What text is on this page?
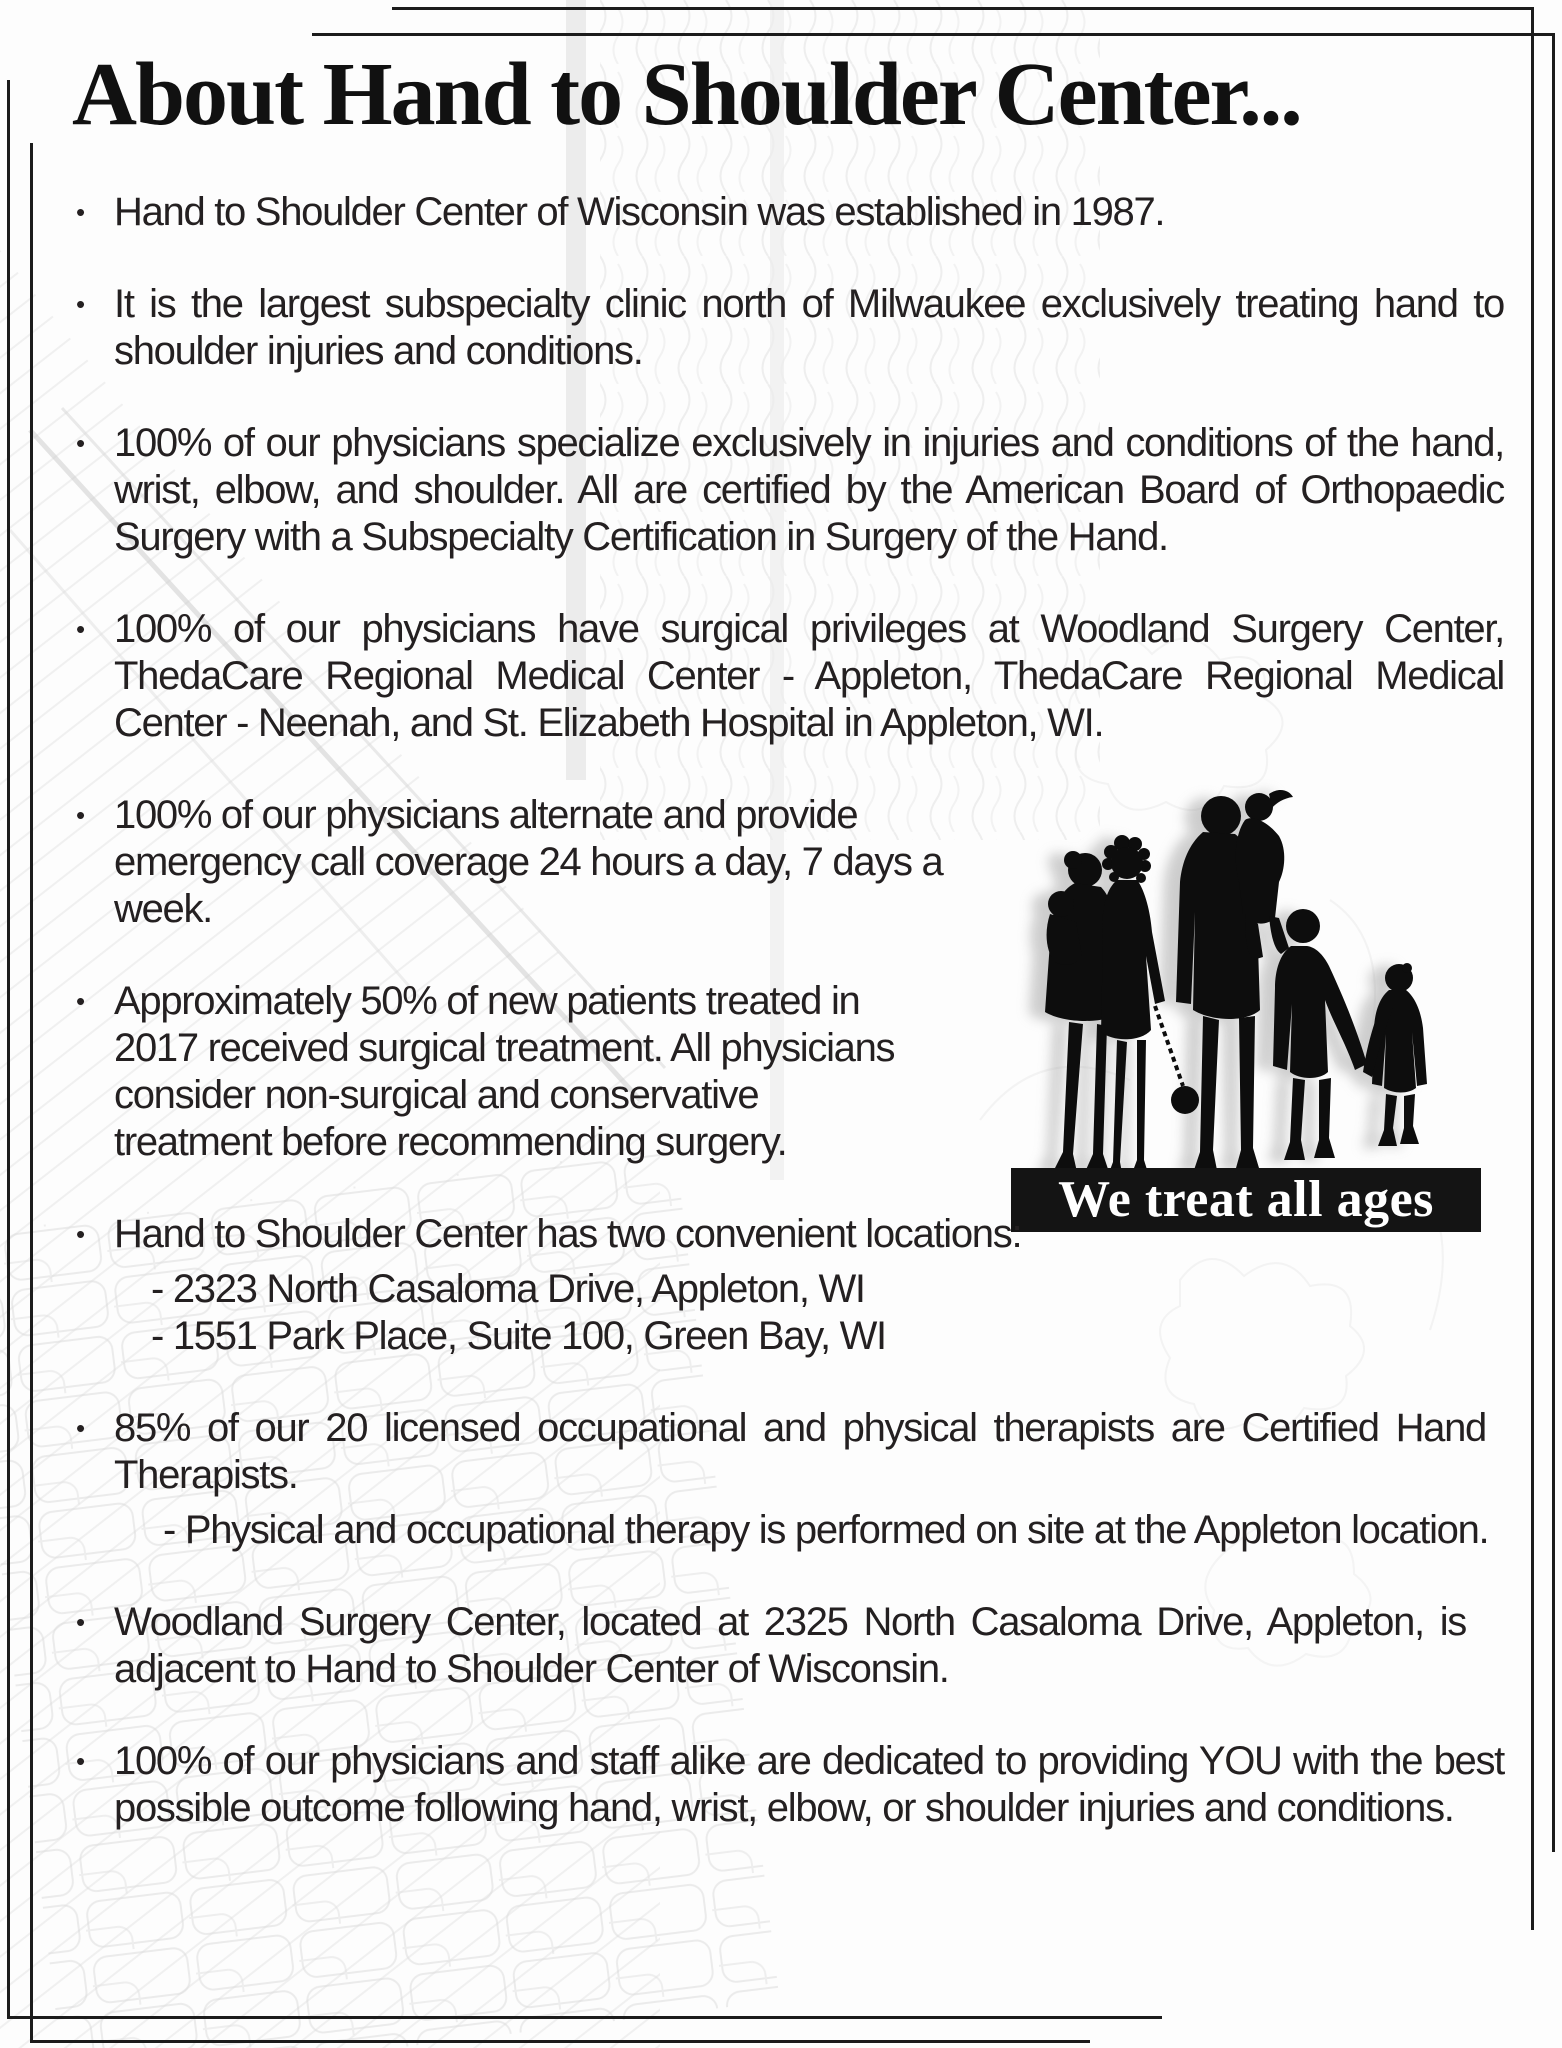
About Hand to Shoulder Center...
• Hand to Shoulder Center of Wisconsin was established in 1987.

• It is the largest subspecialty clinic north of Milwaukee exclusively treating hand to shoulder injuries and conditions.

• 100% of our physicians specialize exclusively in injuries and conditions of the hand, wrist, elbow, and shoulder. All are certified by the American Board of Orthopaedic Surgery with a Subspecialty Certification in Surgery of the Hand.

• 100% of our physicians have surgical privileges at Woodland Surgery Center, ThedaCare Regional Medical Center - Appleton, ThedaCare Regional Medical Center - Neenah, and St. Elizabeth Hospital in Appleton, WI.

• 100% of our physicians alternate and provide emergency call coverage 24 hours a day, 7 days a week.

• Approximately 50% of new patients treated in 2017 received surgical treatment. All physicians consider non-surgical and conservative treatment before recommending surgery.

• Hand to Shoulder Center has two convenient locations:

- 2323 North Casaloma Drive, Appleton, WI

- 1551 Park Place, Suite 100, Green Bay, WI

• 85% of our 20 licensed occupational and physical therapists are Certified Hand Therapists.

- Physical and occupational therapy is performed on site at the Appleton location.

• Woodland Surgery Center, located at 2325 North Casaloma Drive, Appleton, is adjacent to Hand to Shoulder Center of Wisconsin.

• 100% of our physicians and staff alike are dedicated to providing YOU with the best possible outcome following hand, wrist, elbow, or shoulder injuries and conditions.

We treat all ages
